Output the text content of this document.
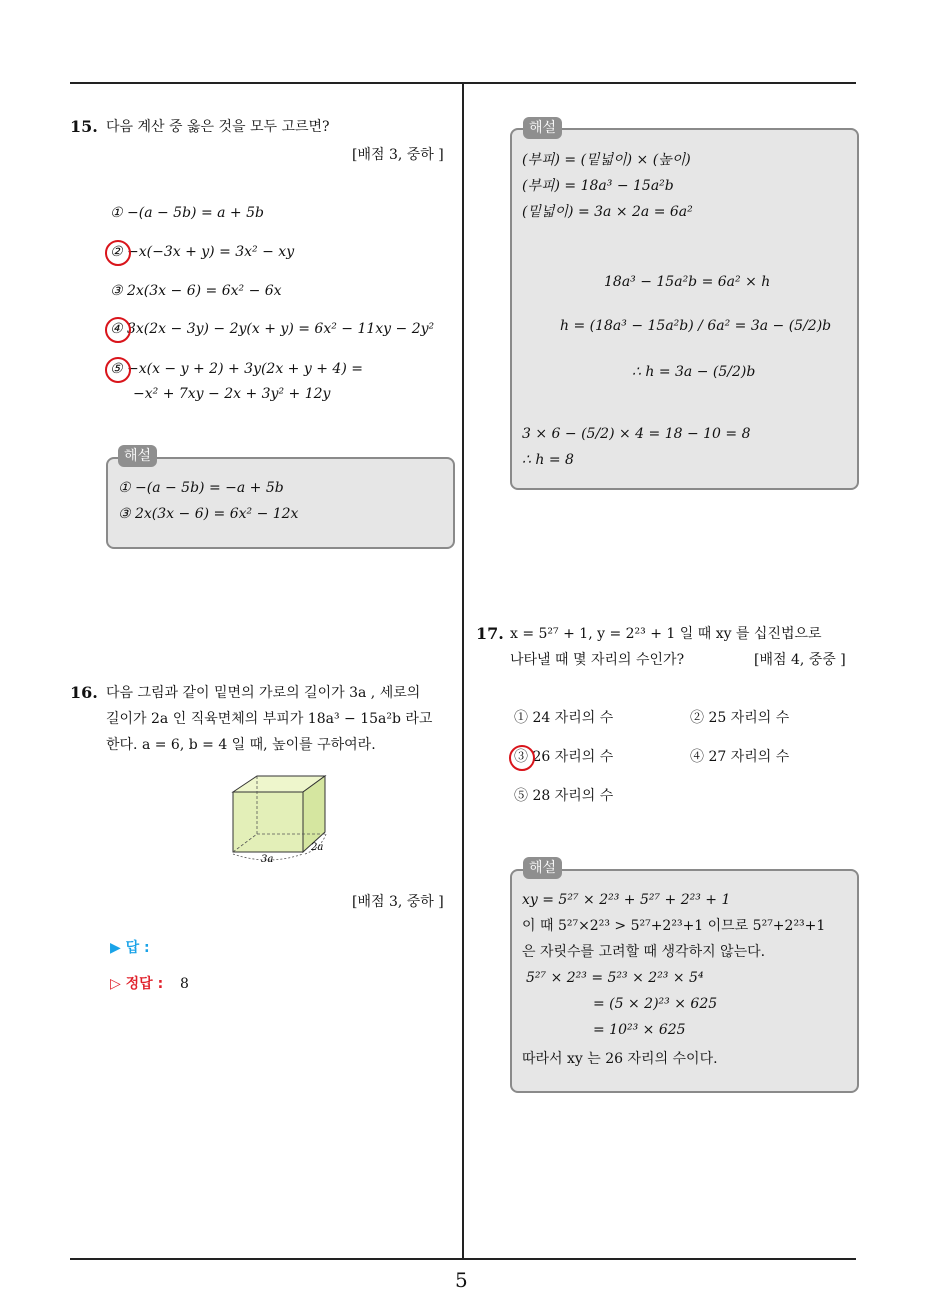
5
15. 다음 계산 중 옳은 것을 모두 고르면?
[배점 3, 중하 ]
① −(a − 5b) = a + 5b
② −x(−3x + y) = 3x² − xy
③ 2x(3x − 6) = 6x² − 6x
④ 3x(2x − 3y) − 2y(x + y) = 6x² − 11xy − 2y²
⑤ −x(x − y + 2) + 3y(2x + y + 4) =
−x² + 7xy − 2x + 3y² + 12y
해설
① −(a − 5b) = −a + 5b
③ 2x(3x − 6) = 6x² − 12x
16. 다음 그림과 같이 밑면의 가로의 길이가 3a , 세로의
길이가 2a 인 직육면체의 부피가 18a³ − 15a²b 라고
한다. a = 6, b = 4 일 때, 높이를 구하여라.
3a
2a
[배점 3, 중하 ]
▶ 답 :
▷ 정답 : 8
해설
(부피) = (밑넓이) × (높이)
(부피) = 18a³ − 15a²b
(밑넓이) = 3a × 2a = 6a²
18a³ − 15a²b = 6a² × h
h = (18a³ − 15a²b) / 6a² = 3a − (5/2)b
∴ h = 3a − (5/2)b
3 × 6 − (5/2) × 4 = 18 − 10 = 8
∴ h = 8
17. x = 5²⁷ + 1, y = 2²³ + 1 일 때 xy 를 십진법으로
나타낼 때 몇 자리의 수인가?	[배점 4, 중중 ]
① 24 자리의 수	② 25 자리의 수
③ 26 자리의 수	④ 27 자리의 수
⑤ 28 자리의 수
해설
xy = 5²⁷ × 2²³ + 5²⁷ + 2²³ + 1
이 때 5²⁷×2²³ > 5²⁷+2²³+1 이므로 5²⁷+2²³+1
은 자릿수를 고려할 때 생각하지 않는다.
5²⁷ × 2²³ = 5²³ × 2²³ × 5⁴
= (5 × 2)²³ × 625
= 10²³ × 625
따라서 xy 는 26 자리의 수이다.
